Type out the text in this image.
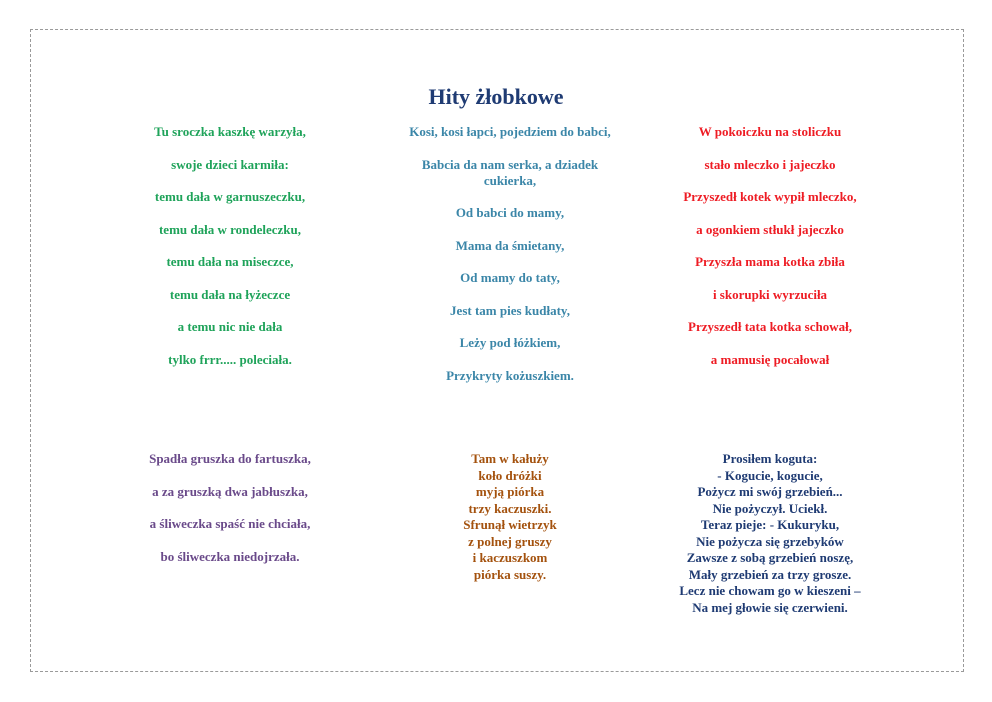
Hity żłobkowe
Tu sroczka kaszkę warzyła,
swoje dzieci karmiła:
temu dała w garnuszeczku,
temu dała w rondeleczku,
temu dała na miseczce,
temu dała na łyżeczce
a temu nic nie dała
tylko frrr..... poleciała.
Kosi, kosi łapci, pojedziem do babci,
Babcia da nam serka, a dziadek cukierka,
Od babci do mamy,
Mama da śmietany,
Od mamy do taty,
Jest tam pies kudłaty,
Leży pod łóżkiem,
Przykryty kożuszkiem.
W pokoiczku na stoliczku
stało mleczko i jajeczko
Przyszedł kotek wypił mleczko,
a ogonkiem stłukł jajeczko
Przyszła mama kotka zbiła
i skorupki wyrzuciła
Przyszedł tata kotka schował,
a mamusię pocałował
Spadła gruszka do fartuszka,
a za gruszką dwa jabłuszka,
a śliweczka spaść nie chciała,
bo śliweczka niedojrzała.
Tam w kałuży
koło dróżki
myją piórka
trzy kaczuszki.
Sfrunął wietrzyk
z polnej gruszy
i kaczuszkom
piórka suszy.
Prosiłem koguta:
- Kogucie, kogucie,
Pożycz mi swój grzebień...
Nie pożyczył. Uciekł.
Teraz pieje: - Kukuryku,
Nie pożycza się grzebyków
Zawsze z sobą grzebień noszę,
Mały grzebień za trzy grosze.
Lecz nie chowam go w kieszeni –
Na mej głowie się czerwieni.
